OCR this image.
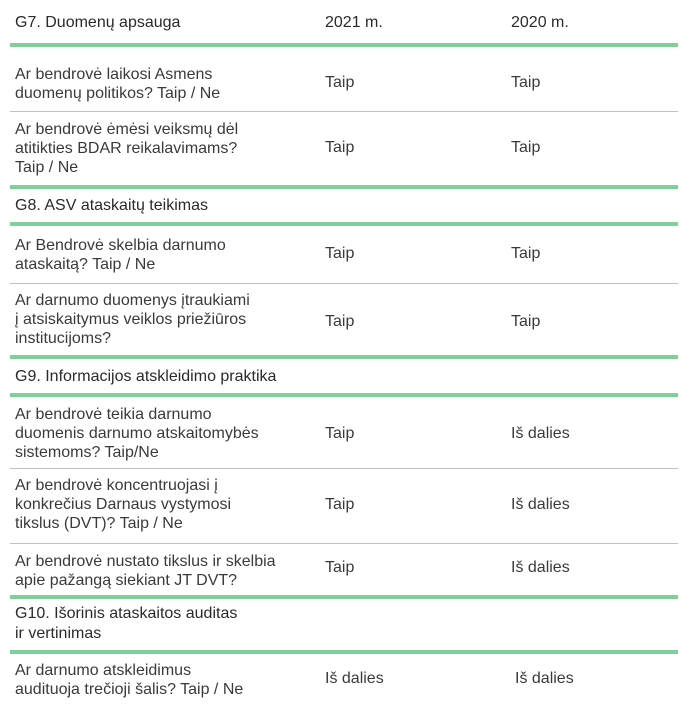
G7. Duomenų apsauga	2021 m.	2020 m.
Ar bendrovė laikosi Asmens
duomenų politikos? Taip / Ne
Taip	Taip
Ar bendrovė ėmėsi veiksmų dėl
atitikties BDAR reikalavimams?
Taip / Ne
Taip	Taip
G8. ASV ataskaitų teikimas
Ar Bendrovė skelbia darnumo
ataskaitą? Taip / Ne
Taip	Taip
Ar darnumo duomenys įtraukiami
į atsiskaitymus veiklos priežiūros
institucijoms?
Taip	Taip
G9. Informacijos atskleidimo praktika
Ar bendrovė teikia darnumo
duomenis darnumo atskaitomybės
sistemoms? Taip/Ne
Taip	Iš dalies
Ar bendrovė koncentruojasi į
konkrečius Darnaus vystymosi
tikslus (DVT)? Taip / Ne
Taip	Iš dalies
Ar bendrovė nustato tikslus ir skelbia
apie pažangą siekiant JT DVT?
Taip	Iš dalies
G10. Išorinis ataskaitos auditas
ir vertinimas
Ar darnumo atskleidimus
audituoja trečioji šalis? Taip / Ne
Iš dalies	Iš dalies
